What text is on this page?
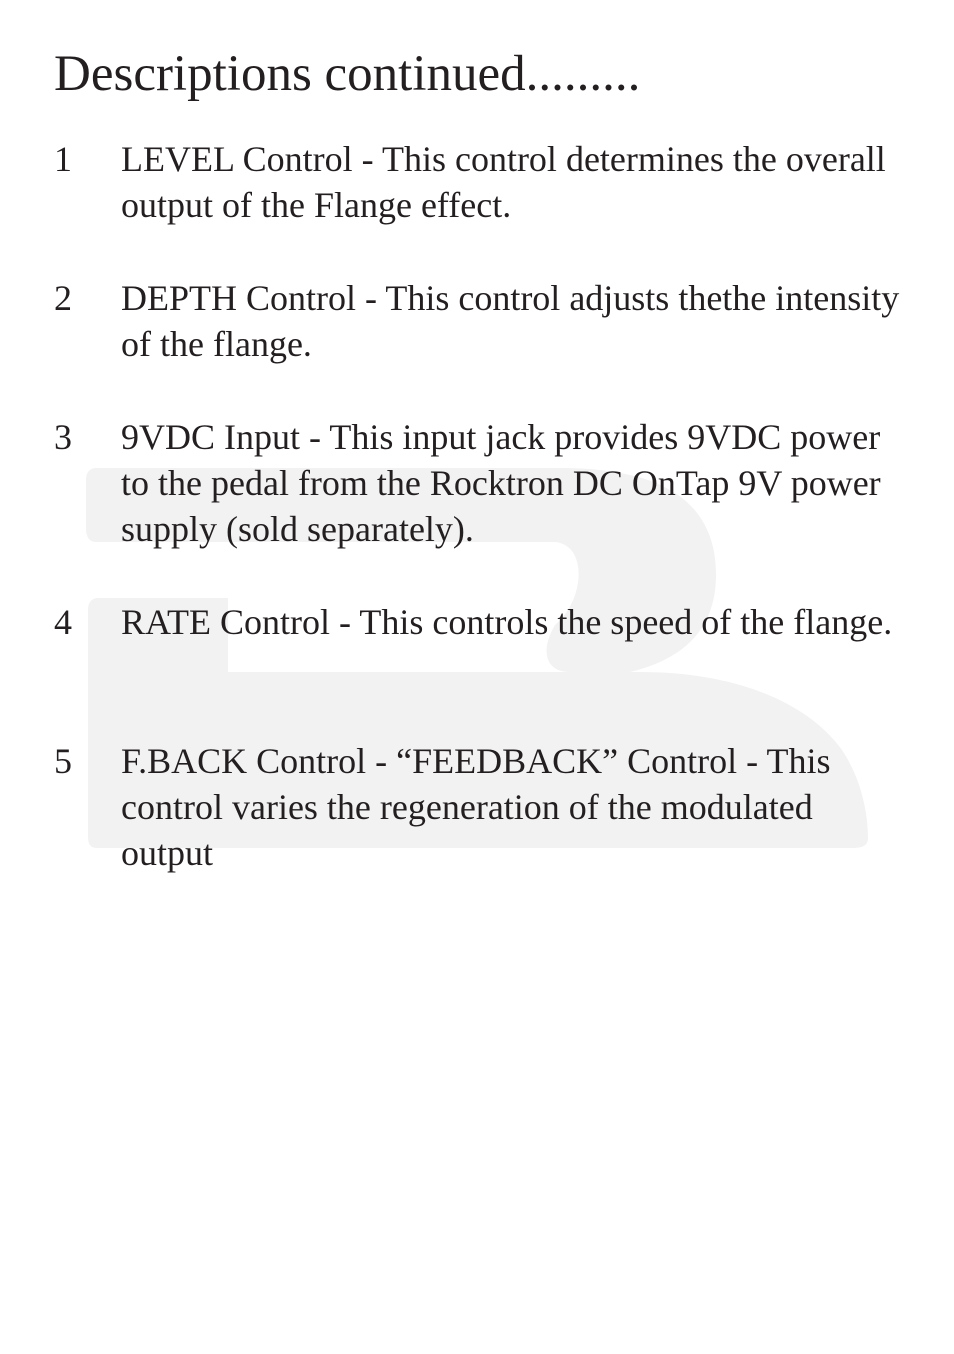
Descriptions continued.........
1	LEVEL Control - This control determines the overall output of the Flange effect.
2	DEPTH Control - This control adjusts thethe intensity of the flange.
3	9VDC Input - This input jack provides 9VDC power to the pedal from the Rocktron DC OnTap 9V power supply (sold separately).
4	RATE Control - This controls the speed of the flange.
5	F.BACK Control - “FEEDBACK” Control - This control varies the regeneration of the modulated output
